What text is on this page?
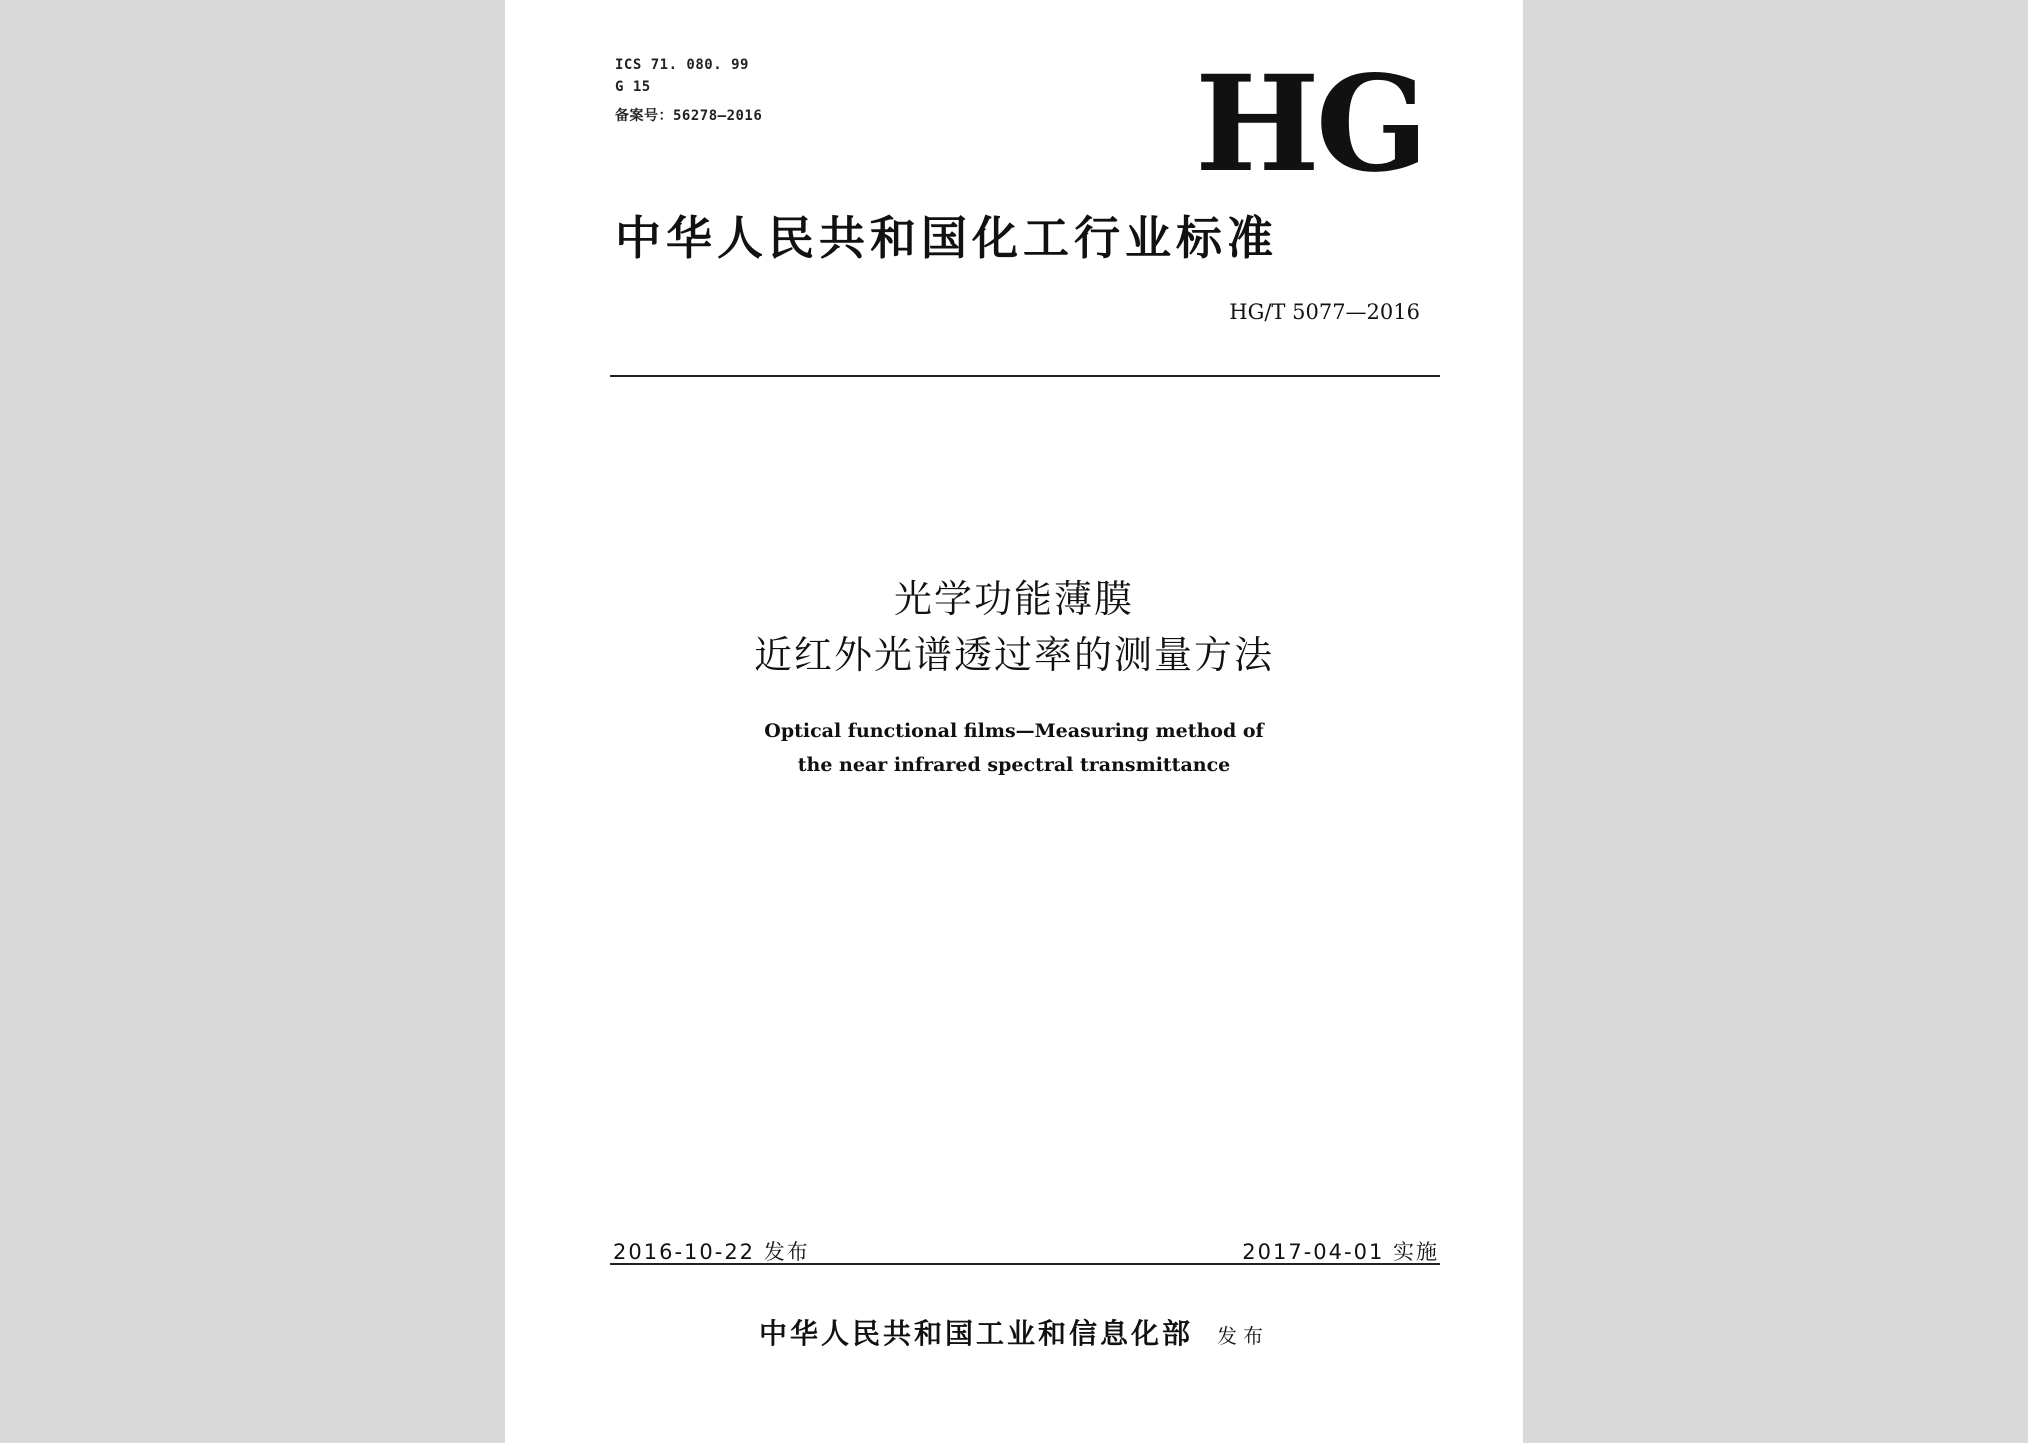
ICS 71. 080. 99
G 15
备案号：56278—2016	HG
中华人民共和国化工行业标准
HG/T 5077—2016
光学功能薄膜
近红外光谱透过率的测量方法
Optical functional films—Measuring method of
the near infrared spectral transmittance
2016-10-22 发布	2017-04-01 实施
中华人民共和国工业和信息化部 发布
